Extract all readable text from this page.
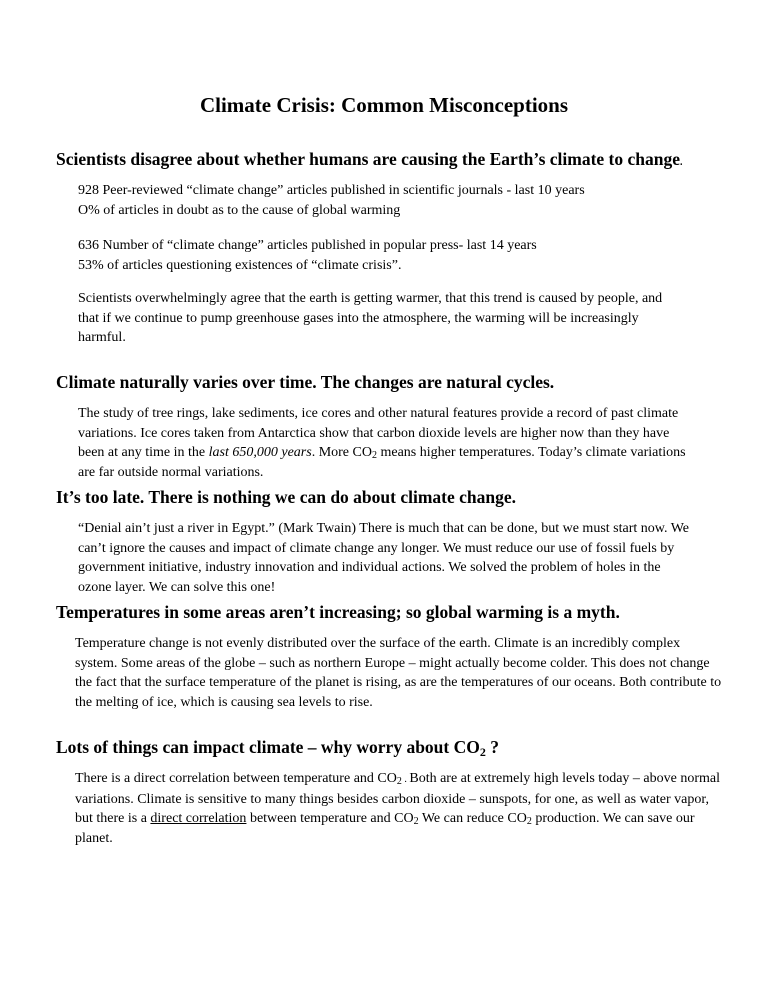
Climate Crisis: Common Misconceptions
Scientists disagree about whether humans are causing the Earth’s climate to change.

928 Peer-reviewed “climate change” articles published in scientific journals - last 10 years
O% of articles in doubt as to the cause of global warming

636 Number of “climate change” articles published in popular press- last 14 years
53% of articles questioning existences of “climate crisis”.

Scientists overwhelmingly agree that the earth is getting warmer, that this trend is caused by people, and that if we continue to pump greenhouse gases into the atmosphere, the warming will be increasingly harmful.

Climate naturally varies over time. The changes are natural cycles.

The study of tree rings, lake sediments, ice cores and other natural features provide a record of past climate variations. Ice cores taken from Antarctica show that carbon dioxide levels are higher now than they have been at any time in the last 650,000 years. More $CO_2$ means higher temperatures. Today’s climate variations are far outside normal variations.

It’s too late. There is nothing we can do about climate change.

“Denial ain’t just a river in Egypt.” (Mark Twain) There is much that can be done, but we must start now. We can’t ignore the causes and impact of climate change any longer. We must reduce our use of fossil fuels by government initiative, industry innovation and individual actions. We solved the problem of holes in the ozone layer. We can solve this one!

Temperatures in some areas aren’t increasing; so global warming is a myth.

Temperature change is not evenly distributed over the surface of the earth. Climate is an incredibly complex system. Some areas of the globe – such as northern Europe – might actually become colder. This does not change the fact that the surface temperature of the planet is rising, as are the temperatures of our oceans. Both contribute to the melting of ice, which is causing sea levels to rise.

Lots of things can impact climate – why worry about CO2 ?

There is a direct correlation between temperature and $CO_2$ . Both are at extremely high levels today – above normal variations. Climate is sensitive to many things besides carbon dioxide – sunspots, for one, as well as water vapor, but there is a direct correlation between temperature and $CO_2$ We can reduce $CO_2$ production. We can save our planet.
